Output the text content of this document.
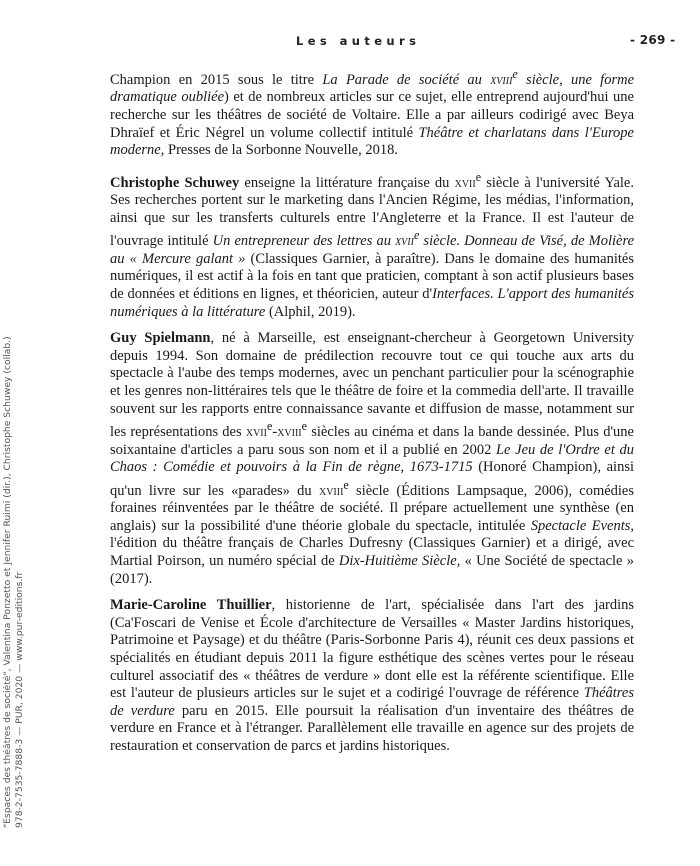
Les auteurs	- 269 -
"Espaces des théâtres de société", Valentina Ponzetto et Jennifer Ruimi (dir.), Christophe Schuwey (collab.) 978-2-7535-7888-3 — PUR, 2020 — www.pur-editions.fr

Champion en 2015 sous le titre La Parade de société au xviii$^e$ siècle, une forme dramatique oubliée) et de nombreux articles sur ce sujet, elle entreprend aujourd'hui une recherche sur les théâtres de société de Voltaire. Elle a par ailleurs codirigé avec Beya Dhraïef et Éric Négrel un volume collectif intitulé Théâtre et charlatans dans l'Europe moderne, Presses de la Sorbonne Nouvelle, 2018.

Christophe Schuwey enseigne la littérature française du xvii$^e$ siècle à l'université Yale. Ses recherches portent sur le marketing dans l'Ancien Régime, les médias, l'information, ainsi que sur les transferts culturels entre l'Angleterre et la France. Il est l'auteur de l'ouvrage intitulé Un entrepreneur des lettres au xvii$^e$ siècle. Donneau de Visé, de Molière au « Mercure galant » (Classiques Garnier, à paraître). Dans le domaine des humanités numériques, il est actif à la fois en tant que praticien, comptant à son actif plusieurs bases de données et éditions en lignes, et théoricien, auteur d'Interfaces. L'apport des humanités numériques à la littérature (Alphil, 2019).

Guy Spielmann, né à Marseille, est enseignant-chercheur à Georgetown University depuis 1994. Son domaine de prédilection recouvre tout ce qui touche aux arts du spectacle à l'aube des temps modernes, avec un penchant particulier pour la scénographie et les genres non-littéraires tels que le théâtre de foire et la commedia dell'arte. Il travaille souvent sur les rapports entre connaissance savante et diffusion de masse, notamment sur les représentations des xvii$^e$-xviii$^e$ siècles au cinéma et dans la bande dessinée. Plus d'une soixantaine d'articles a paru sous son nom et il a publié en 2002 Le Jeu de l'Ordre et du Chaos : Comédie et pouvoirs à la Fin de règne, 1673-1715 (Honoré Champion), ainsi qu'un livre sur les «parades» du xviii$^e$ siècle (Éditions Lampsaque, 2006), comédies foraines réinventées par le théâtre de société. Il prépare actuellement une synthèse (en anglais) sur la possibilité d'une théorie globale du spectacle, intitulée Spectacle Events, l'édition du théâtre français de Charles Dufresny (Classiques Garnier) et a dirigé, avec Martial Poirson, un numéro spécial de Dix-Huitième Siècle, « Une Société de spectacle » (2017).

Marie-Caroline Thuillier, historienne de l'art, spécialisée dans l'art des jardins (Ca'Foscari de Venise et École d'architecture de Versailles « Master Jardins historiques, Patrimoine et Paysage) et du théâtre (Paris-Sorbonne Paris 4), réunit ces deux passions et spécialités en étudiant depuis 2011 la figure esthétique des scènes vertes pour le réseau culturel associatif des « théâtres de verdure » dont elle est la référente scientifique. Elle est l'auteur de plusieurs articles sur le sujet et a codirigé l'ouvrage de référence Théâtres de verdure paru en 2015. Elle poursuit la réalisation d'un inventaire des théâtres de verdure en France et à l'étranger. Parallèlement elle travaille en agence sur des projets de restauration et conservation de parcs et jardins historiques.
